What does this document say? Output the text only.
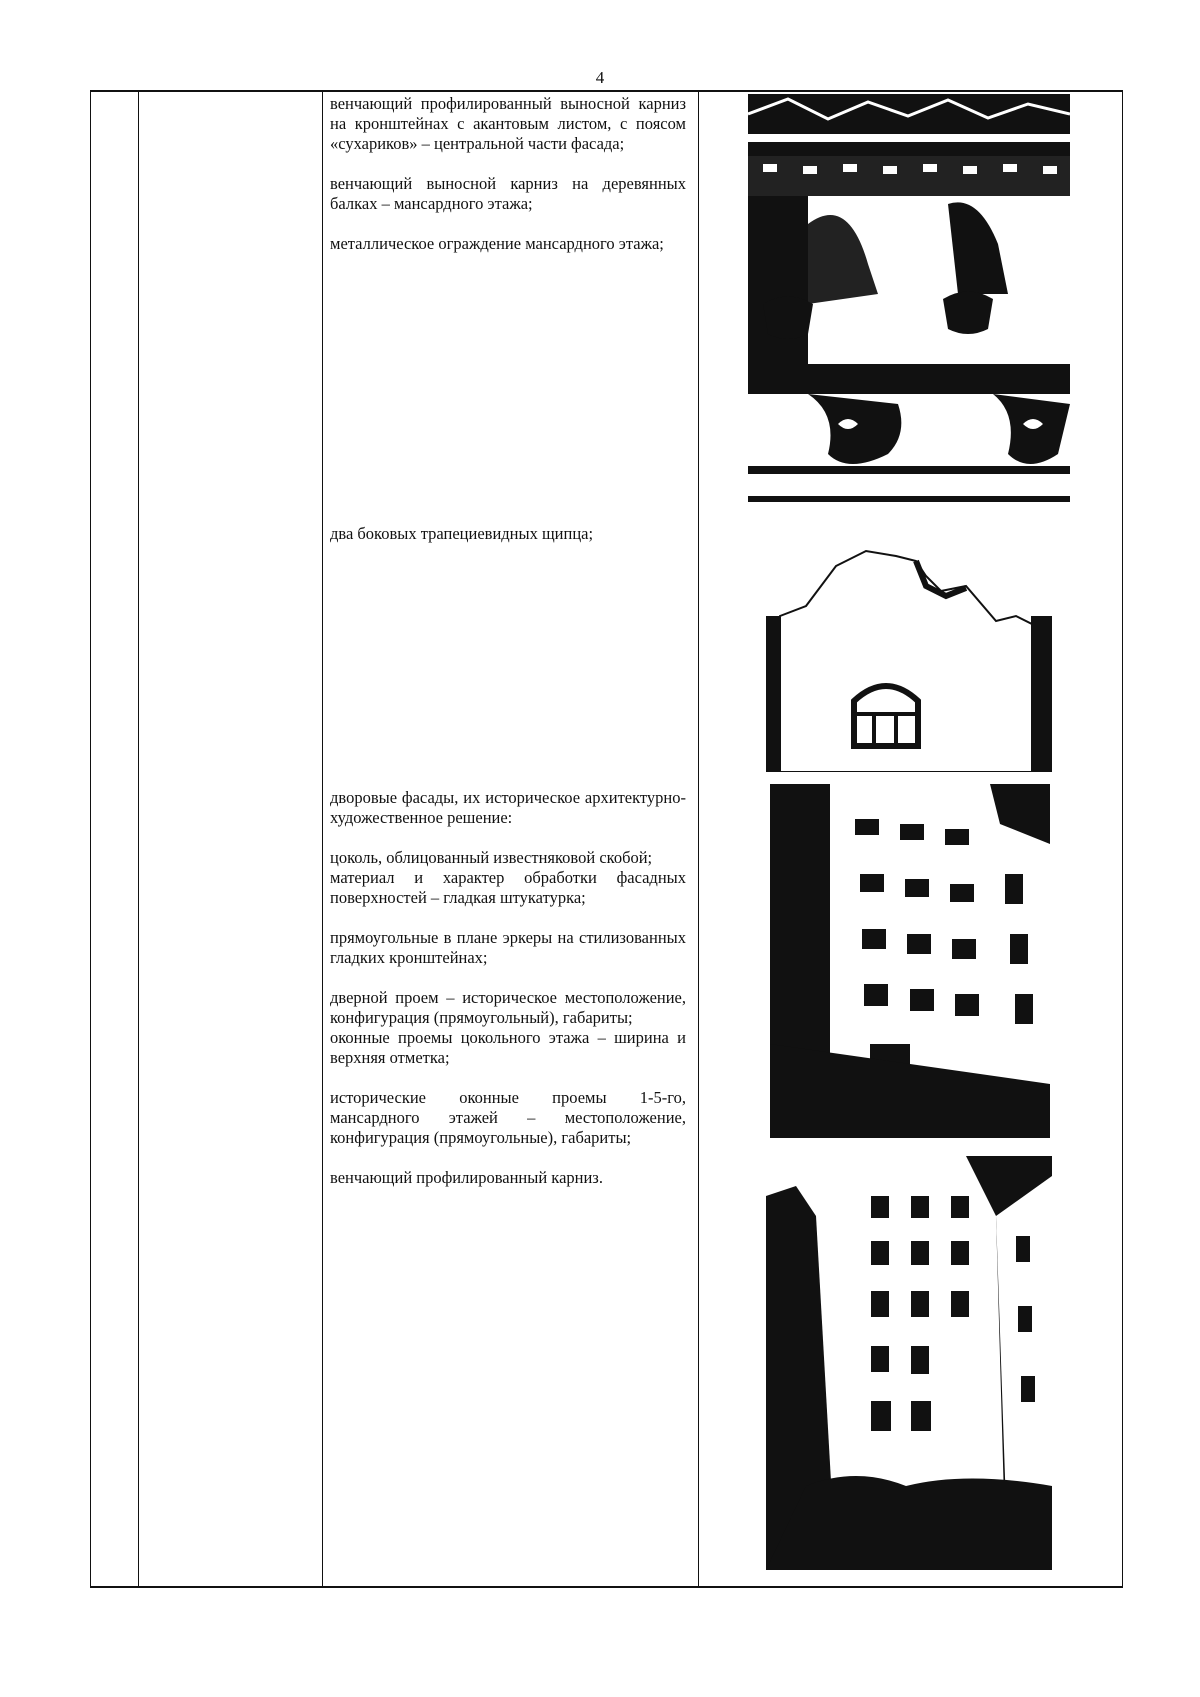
4

венчающий профилированный выносной карниз на кронштейнах с акантовым листом, с поясом «сухариков» – центральной части фасада;

венчающий выносной карниз на деревянных балках – мансардного этажа;

металлическое ограждение мансардного этажа;

два боковых трапециевидных щипца;

дворовые фасады, их историческое архитектурно-художественное решение:

цоколь, облицованный известняковой скобой;

материал и характер обработки фасадных поверхностей – гладкая штукатурка;

прямоугольные в плане эркеры на стилизованных гладких кронштейнах;

дверной проем – историческое местоположение, конфигурация (прямоугольный), габариты;

оконные проемы цокольного этажа – ширина и верхняя отметка;

исторические оконные проемы 1-5-го, мансардного этажей – местоположение, конфигурация (прямоугольные), габариты;

венчающий профилированный карниз.
